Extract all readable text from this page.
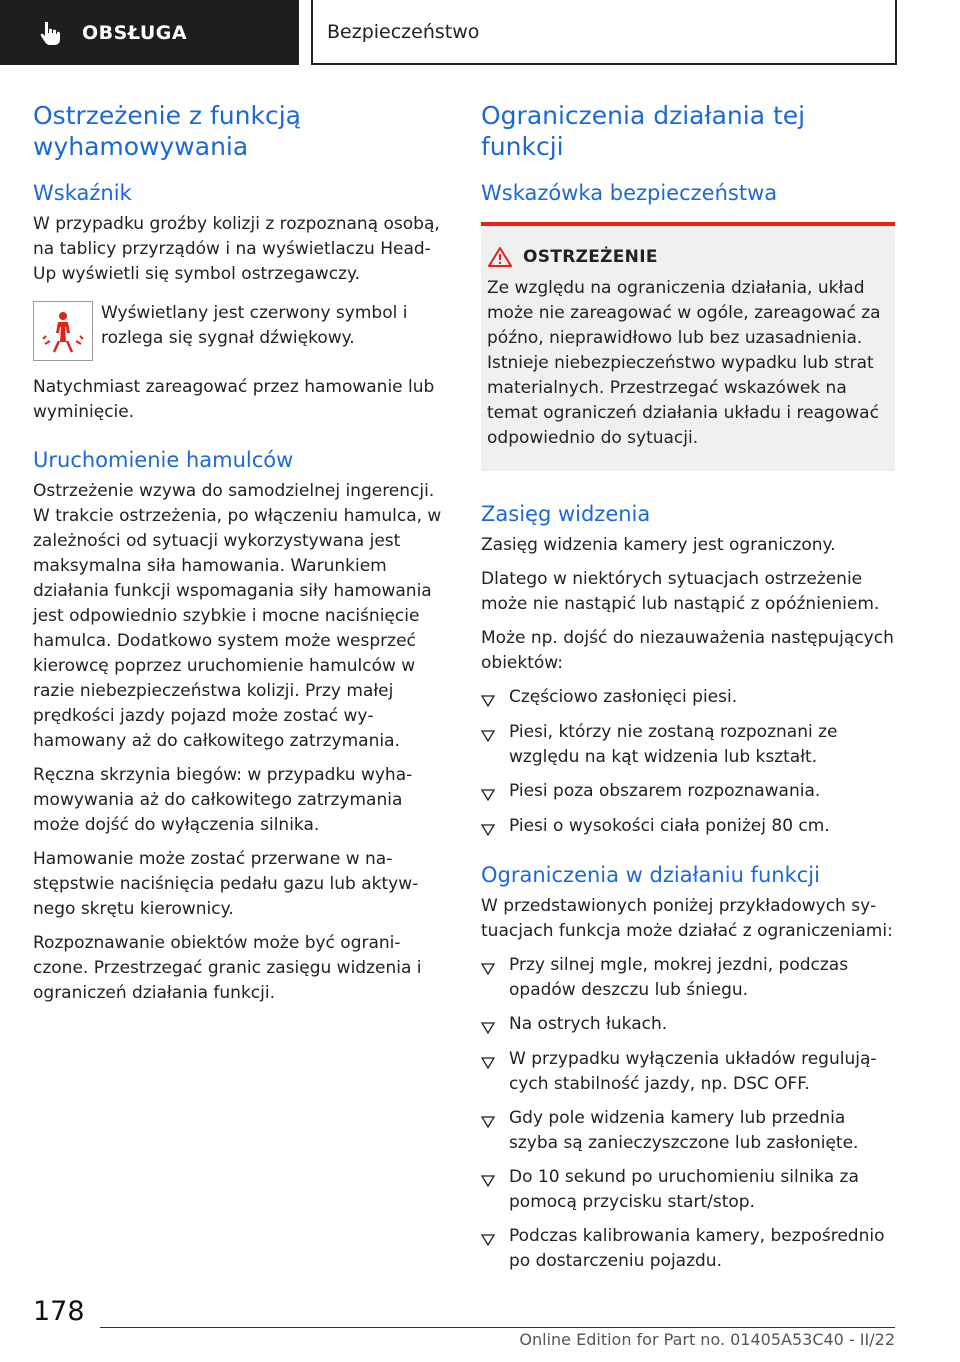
OBSŁUGA	Bezpieczeństwo
Ostrzeżenie z funkcją wyhamowywania
Wskaźnik

W przypadku groźby kolizji z rozpoznaną osobą, na tablicy przyrządów i na wyświetlaczu Head-Up wyświetli się symbol ostrzegawczy.

Wyświetlany jest czerwony symbol i rozlega się sygnał dźwiękowy.

Natychmiast zareagować przez hamowanie lub wyminięcie.

Uruchomienie hamulców

Ostrzeżenie wzywa do samodzielnej ingerencji. W trakcie ostrzeżenia, po włączeniu hamulca, w zależności od sytuacji wykorzystywana jest maksymalna siła hamowania. Warunkiem działania funkcji wspomagania siły hamowania jest odpowiednio szybkie i mocne naciśnięcie hamulca. Dodatkowo system może wesprzeć kierowcę poprzez uruchomienie hamulców w razie niebezpieczeństwa kolizji. Przy małej prędkości jazdy pojazd może zostać wyhamowany aż do całkowitego zatrzymania.

Ręczna skrzynia biegów: w przypadku wyhamowywania aż do całkowitego zatrzymania może dojść do wyłączenia silnika.

Hamowanie może zostać przerwane w następstwie naciśnięcia pedału gazu lub aktywnego skrętu kierownicy.

Rozpoznawanie obiektów może być ograniczone. Przestrzegać granic zasięgu widzenia i ograniczeń działania funkcji.

Ograniczenia działania tej funkcji
Wskazówka bezpieczeństwa
OSTRZEŻENIE

Ze względu na ograniczenia działania, układ może nie zareagować w ogóle, zareagować za późno, nieprawidłowo lub bez uzasadnienia. Istnieje niebezpieczeństwo wypadku lub strat materialnych. Przestrzegać wskazówek na temat ograniczeń działania układu i reagować odpowiednio do sytuacji.

Zasięg widzenia

Zasięg widzenia kamery jest ograniczony.

Dlatego w niektórych sytuacjach ostrzeżenie może nie nastąpić lub nastąpić z opóźnieniem.

Może np. dojść do niezauważenia następujących obiektów:

Częściowo zasłonięci piesi.
Piesi, którzy nie zostaną rozpoznani ze względu na kąt widzenia lub kształt.
Piesi poza obszarem rozpoznawania.
Piesi o wysokości ciała poniżej 80 cm.
Ograniczenia w działaniu funkcji

W przedstawionych poniżej przykładowych sytuacjach funkcja może działać z ograniczeniami:

Przy silnej mgle, mokrej jezdni, podczas opadów deszczu lub śniegu.
Na ostrych łukach.
W przypadku wyłączenia układów regulujących stabilność jazdy, np. DSC OFF.
Gdy pole widzenia kamery lub przednia szyba są zanieczyszczone lub zasłonięte.
Do 10 sekund po uruchomieniu silnika za pomocą przycisku start/stop.
Podczas kalibrowania kamery, bezpośrednio po dostarczeniu pojazdu.
178
Online Edition for Part no. 01405A53C40 - II/22
